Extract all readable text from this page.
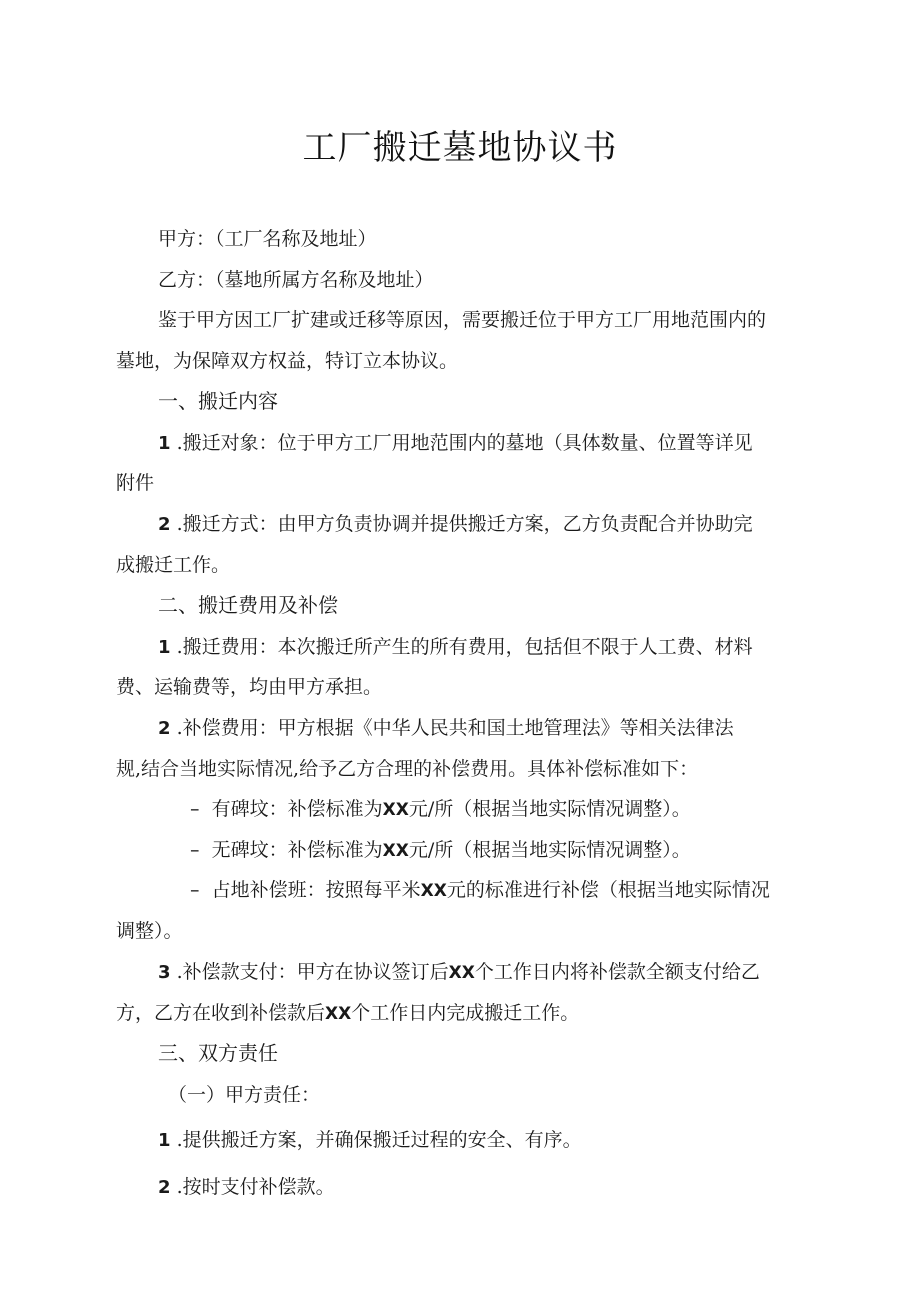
工厂搬迁墓地协议书
甲方：（工厂名称及地址）
乙方：（墓地所属方名称及地址）
鉴于甲方因工厂扩建或迁移等原因，需要搬迁位于甲方工厂用地范围内的
墓地，为保障双方权益，特订立本协议。
一、搬迁内容
1 .搬迁对象：位于甲方工厂用地范围内的墓地（具体数量、位置等详见
附件
2 .搬迁方式：由甲方负责协调并提供搬迁方案，乙方负责配合并协助完
成搬迁工作。
二、搬迁费用及补偿
1 .搬迁费用：本次搬迁所产生的所有费用，包括但不限于人工费、材料
费、运输费等，均由甲方承担。
2 .补偿费用：甲方根据《中华人民共和国土地管理法》等相关法律法
规,结合当地实际情况,给予乙方合理的补偿费用。具体补偿标准如下：
– 有碑坟：补偿标准为XX元/所（根据当地实际情况调整）。
– 无碑坟：补偿标准为XX元/所（根据当地实际情况调整）。
– 占地补偿班：按照每平米XX元的标准进行补偿（根据当地实际情况
调整）。
3 .补偿款支付：甲方在协议签订后XX个工作日内将补偿款全额支付给乙
方，乙方在收到补偿款后XX个工作日内完成搬迁工作。
三、双方责任
（一）甲方责任：
1 .提供搬迁方案，并确保搬迁过程的安全、有序。
2 .按时支付补偿款。
